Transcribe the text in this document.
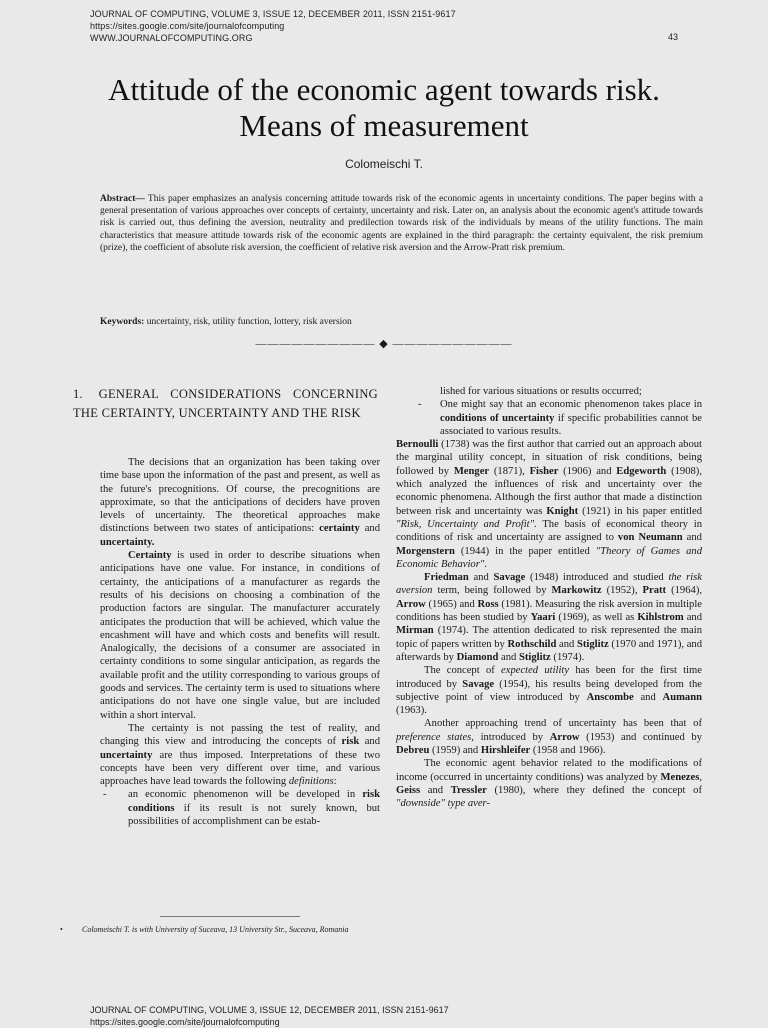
JOURNAL OF COMPUTING, VOLUME 3, ISSUE 12, DECEMBER 2011, ISSN 2151-9617
https://sites.google.com/site/journalofcomputing
WWW.JOURNALOFCOMPUTING.ORG	43
Attitude of the economic agent towards risk.
Means of measurement
Colomeischi T.
Abstract— This paper emphasizes an analysis concerning attitude towards risk of the economic agents in uncertainty conditions. The paper begins with a general presentation of various approaches over concepts of certainty, uncertainty and risk. Later on, an analysis about the economic agent's attitude towards risk is carried out, thus defining the aversion, neutrality and predilection towards risk of the individuals by means of the utility functions. The main characteristics that measure attitude towards risk of the economic agents are explained in the third paragraph: the certainty equivalent, the risk premium (prize), the coefficient of absolute risk aversion, the coefficient of relative risk aversion and the Arrow-Pratt risk premium.
Keywords: uncertainty, risk, utility function, lottery, risk aversion
—————————— ◆ ——————————
1. GENERAL CONSIDERATIONS CONCERNING THE CERTAINTY, UNCERTAINTY AND THE RISK

The decisions that an organization has been taking over time base upon the information of the past and present, as well as the future's precognitions. Of course, the precognitions are approximate, so that the anticipations of deciders have proven levels of uncertainty. The theoretical approaches make distinctions between two states of anticipations: certainty and uncertainty.

Certainty is used in order to describe situations when anticipations have one value. For instance, in conditions of certainty, the anticipations of a manufacturer as regards the results of his decisions on choosing a combination of the production factors are singular. The manufacturer accurately anticipates the production that will be achieved, which value the encashment will have and which costs and benefits will result. Analogically, the decisions of a consumer are associated in certainty conditions to some singular anticipation, as regards the available profit and the utility corresponding to various groups of goods and services. The certainty term is used to situations where anticipations do not have one single value, but are included within a short interval.

The certainty is not passing the test of reality, and changing this view and introducing the concepts of risk and uncertainty are thus imposed. Interpretations of these two concepts have been very different over time, and various approaches have lead towards the following definitions:

- an economic phenomenon will be developed in risk conditions if its result is not surely known, but possibilities of accomplishment can be estab-

lished for various situations or results occurred;

- One might say that an economic phenomenon takes place in conditions of uncertainty if specific probabilities cannot be associated to various results.

Bernoulli (1738) was the first author that carried out an approach about the marginal utility concept, in situation of risk conditions, being followed by Menger (1871), Fisher (1906) and Edgeworth (1908), which analyzed the influences of risk and uncertainty over the economic phenomena. Although the first author that made a distinction between risk and uncertainty was Knight (1921) in his paper entitled "Risk, Uncertainty and Profit". The basis of economical theory in conditions of risk and uncertainty are assigned to von Neumann and Morgenstern (1944) in the paper entitled "Theory of Games and Economic Behavior".

Friedman and Savage (1948) introduced and studied the risk aversion term, being followed by Markowitz (1952), Pratt (1964), Arrow (1965) and Ross (1981). Measuring the risk aversion in multiple conditions has been studied by Yaari (1969), as well as Kihlstrom and Mirman (1974). The attention dedicated to risk represented the main topic of papers written by Rothschild and Stiglitz (1970 and 1971), and afterwards by Diamond and Stiglitz (1974).

The concept of expected utility has been for the first time introduced by Savage (1954), his results being developed from the subjective point of view introduced by Anscombe and Aumann (1963).

Another approaching trend of uncertainty has been that of preference states, introduced by Arrow (1953) and continued by Debreu (1959) and Hirshleifer (1958 and 1966).

The economic agent behavior related to the modifications of income (occurred in uncertainty conditions) was analyzed by Menezes, Geiss and Tressler (1980), where they defined the concept of "downside" type aver-

•	Colomeischi T. is with University of Suceava, 13 University Str., Suceava, Romania
JOURNAL OF COMPUTING, VOLUME 3, ISSUE 12, DECEMBER 2011, ISSN 2151-9617
https://sites.google.com/site/journalofcomputing
